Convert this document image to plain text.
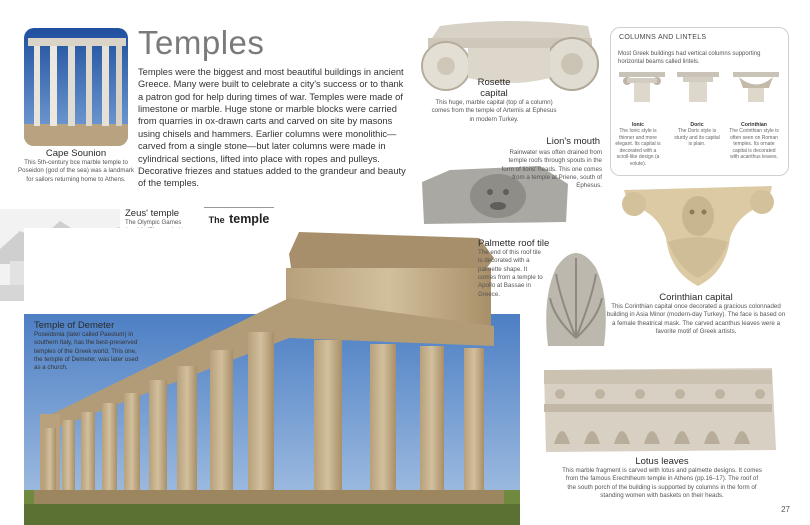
Cape Sounion
This 5th-century bce marble temple to Poseidon (god of the sea) was a landmark for sailors returning home to Athens.
Temples
Temples were the biggest and most beautiful buildings in ancient Greece. Many were built to celebrate a city's success or to thank a patron god for help during times of war. Temples were made of limestone or marble. Huge stone or marble blocks were carried from quarries in ox-drawn carts and carved on site by masons using chisels and hammers. Earlier columns were monolithic—carved from a single stone—but later columns were made in cylindrical sections, lifted into place with ropes and pulleys. Decorative friezes and statues added to the grandeur and beauty of the temples.
Zeus' temple
The Olympic Games	The temple
Temple of Demeter
Poseidonia (later called Paestum) in southern Italy, has the best-preserved temples of the Greek world. This one, the temple of Demeter, was later used as a church.
Rosette capital
This huge, marble capital (top of a column) comes from the temple of Artemis at Ephesus in modern Turkey.
COLUMNS AND LINTELS
Most Greek buildings had vertical columns supporting horizontal beams called lintels.
Ionic
The Ionic style is thinner and more elegant. Its capital is decorated with a scroll-like design (a volute).
Doric
The Doric style is sturdy and its capital is plain.
Corinthian
The Corinthian style is often seen on Roman temples. Its ornate capital is decorated with acanthus leaves.
Lion's mouth
Rainwater was often drained from temple roofs through spouts in the form of lions' heads. This one comes from a temple at Priene, south of Ephesus.
Palmette roof tile
The end of this roof tile is decorated with a palmette shape. It comes from a temple to Apollo at Bassae in Greece.	Corinthian capital
This Corinthian capital once decorated a gracious colonnaded building in Asia Minor (modern-day Turkey). The face is based on a female theatrical mask. The carved acanthus leaves were a favorite motif of Greek artists.
Lotus leaves
This marble fragment is carved with lotus and palmette designs. It comes from the famous Erechtheum temple in Athens (pp.16–17). The roof of the south porch of the building is supported by columns in the form of standing women with baskets on their heads.
27
